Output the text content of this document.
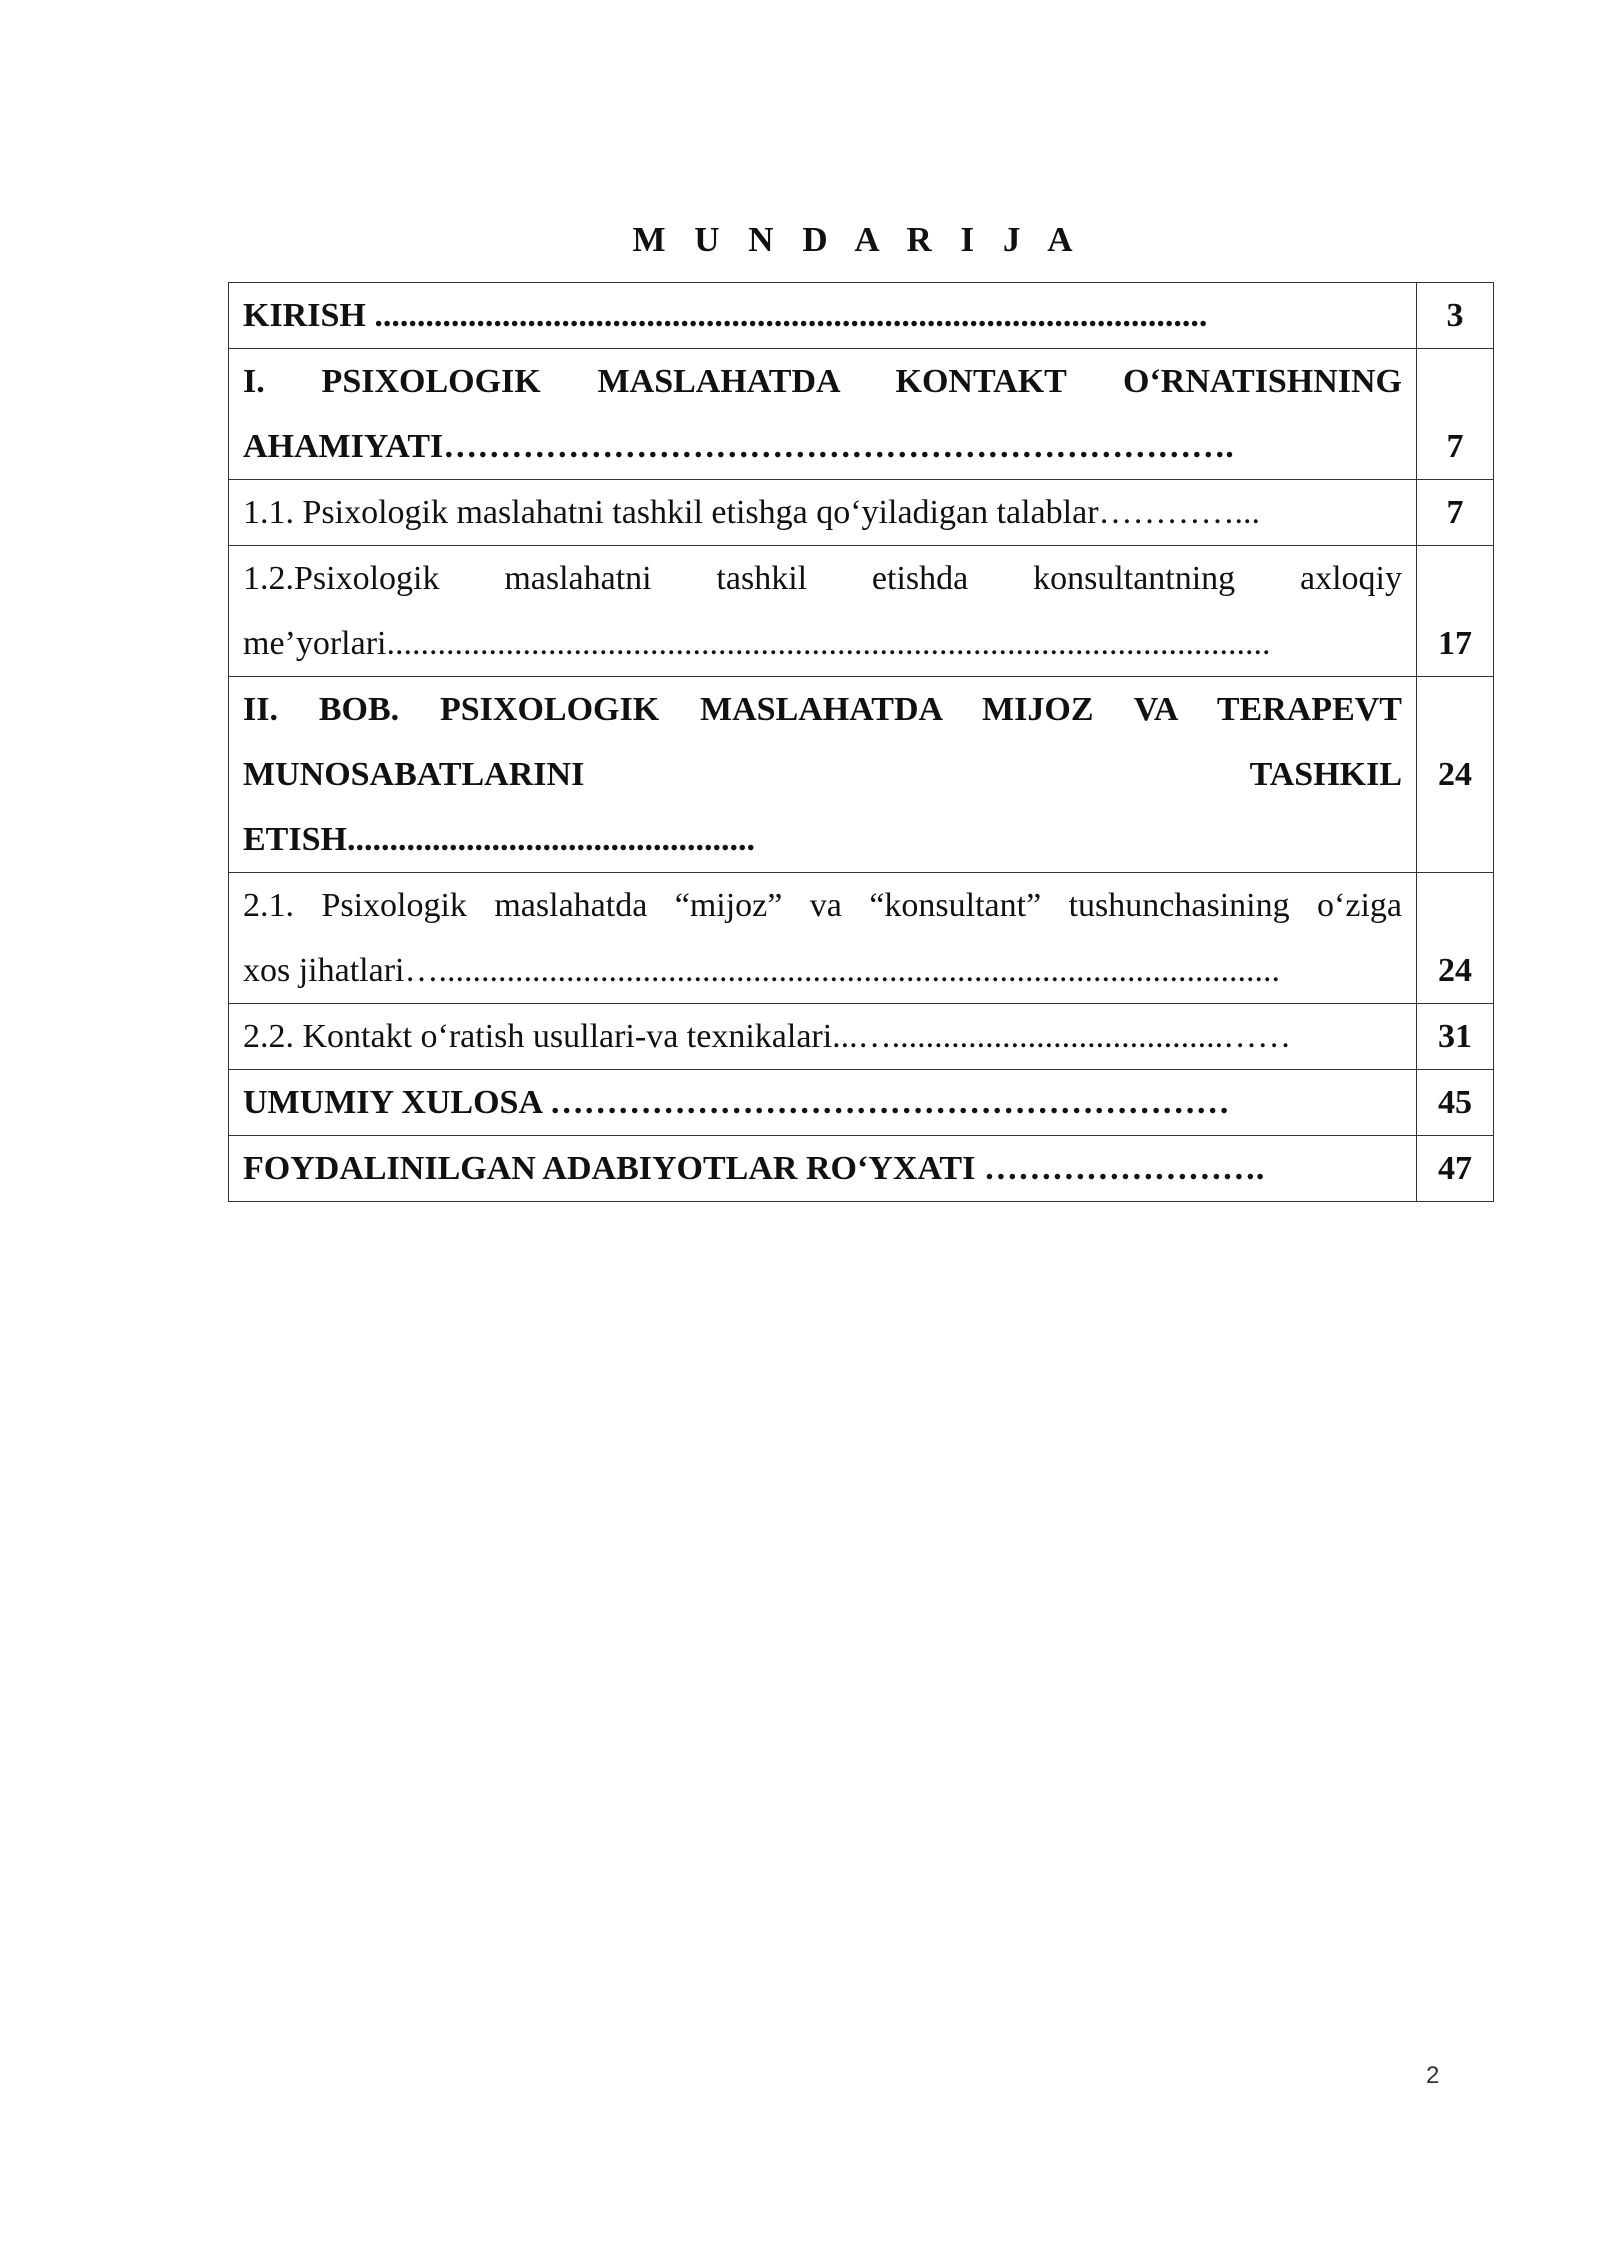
M U N D A R I J A
KIRISH ..................................................................................................	3

I. PSIXOLOGIK MASLAHATDA KONTAKT O‘RNATISHNING
AHAMIYATI…………………………………………………………….	7

1.1. Psixologik maslahatni tashkil etishga qo‘yiladigan talablar…………...	7

1.2.Psixologik maslahatni tashkil etishda konsultantning axloqiy
me’yorlari........................................................................................................	17

II. BOB. PSIXOLOGIK MASLAHATDA MIJOZ VA TERAPEVT
MUNOSABATLARINI TASHKIL
ETISH................................................	24

2.1. Psixologik maslahatda “mijoz” va “konsultant” tushunchasining o‘ziga
xos jihatlari…...................................................................................................	24

2.2. Kontakt o‘ratish usullari-va texnikalari...….......................................……	31

UMUMIY XULOSA ……………………………………………………	45

FOYDALINILGAN ADABIYOTLAR RO‘YXATI …………………….	47
2
